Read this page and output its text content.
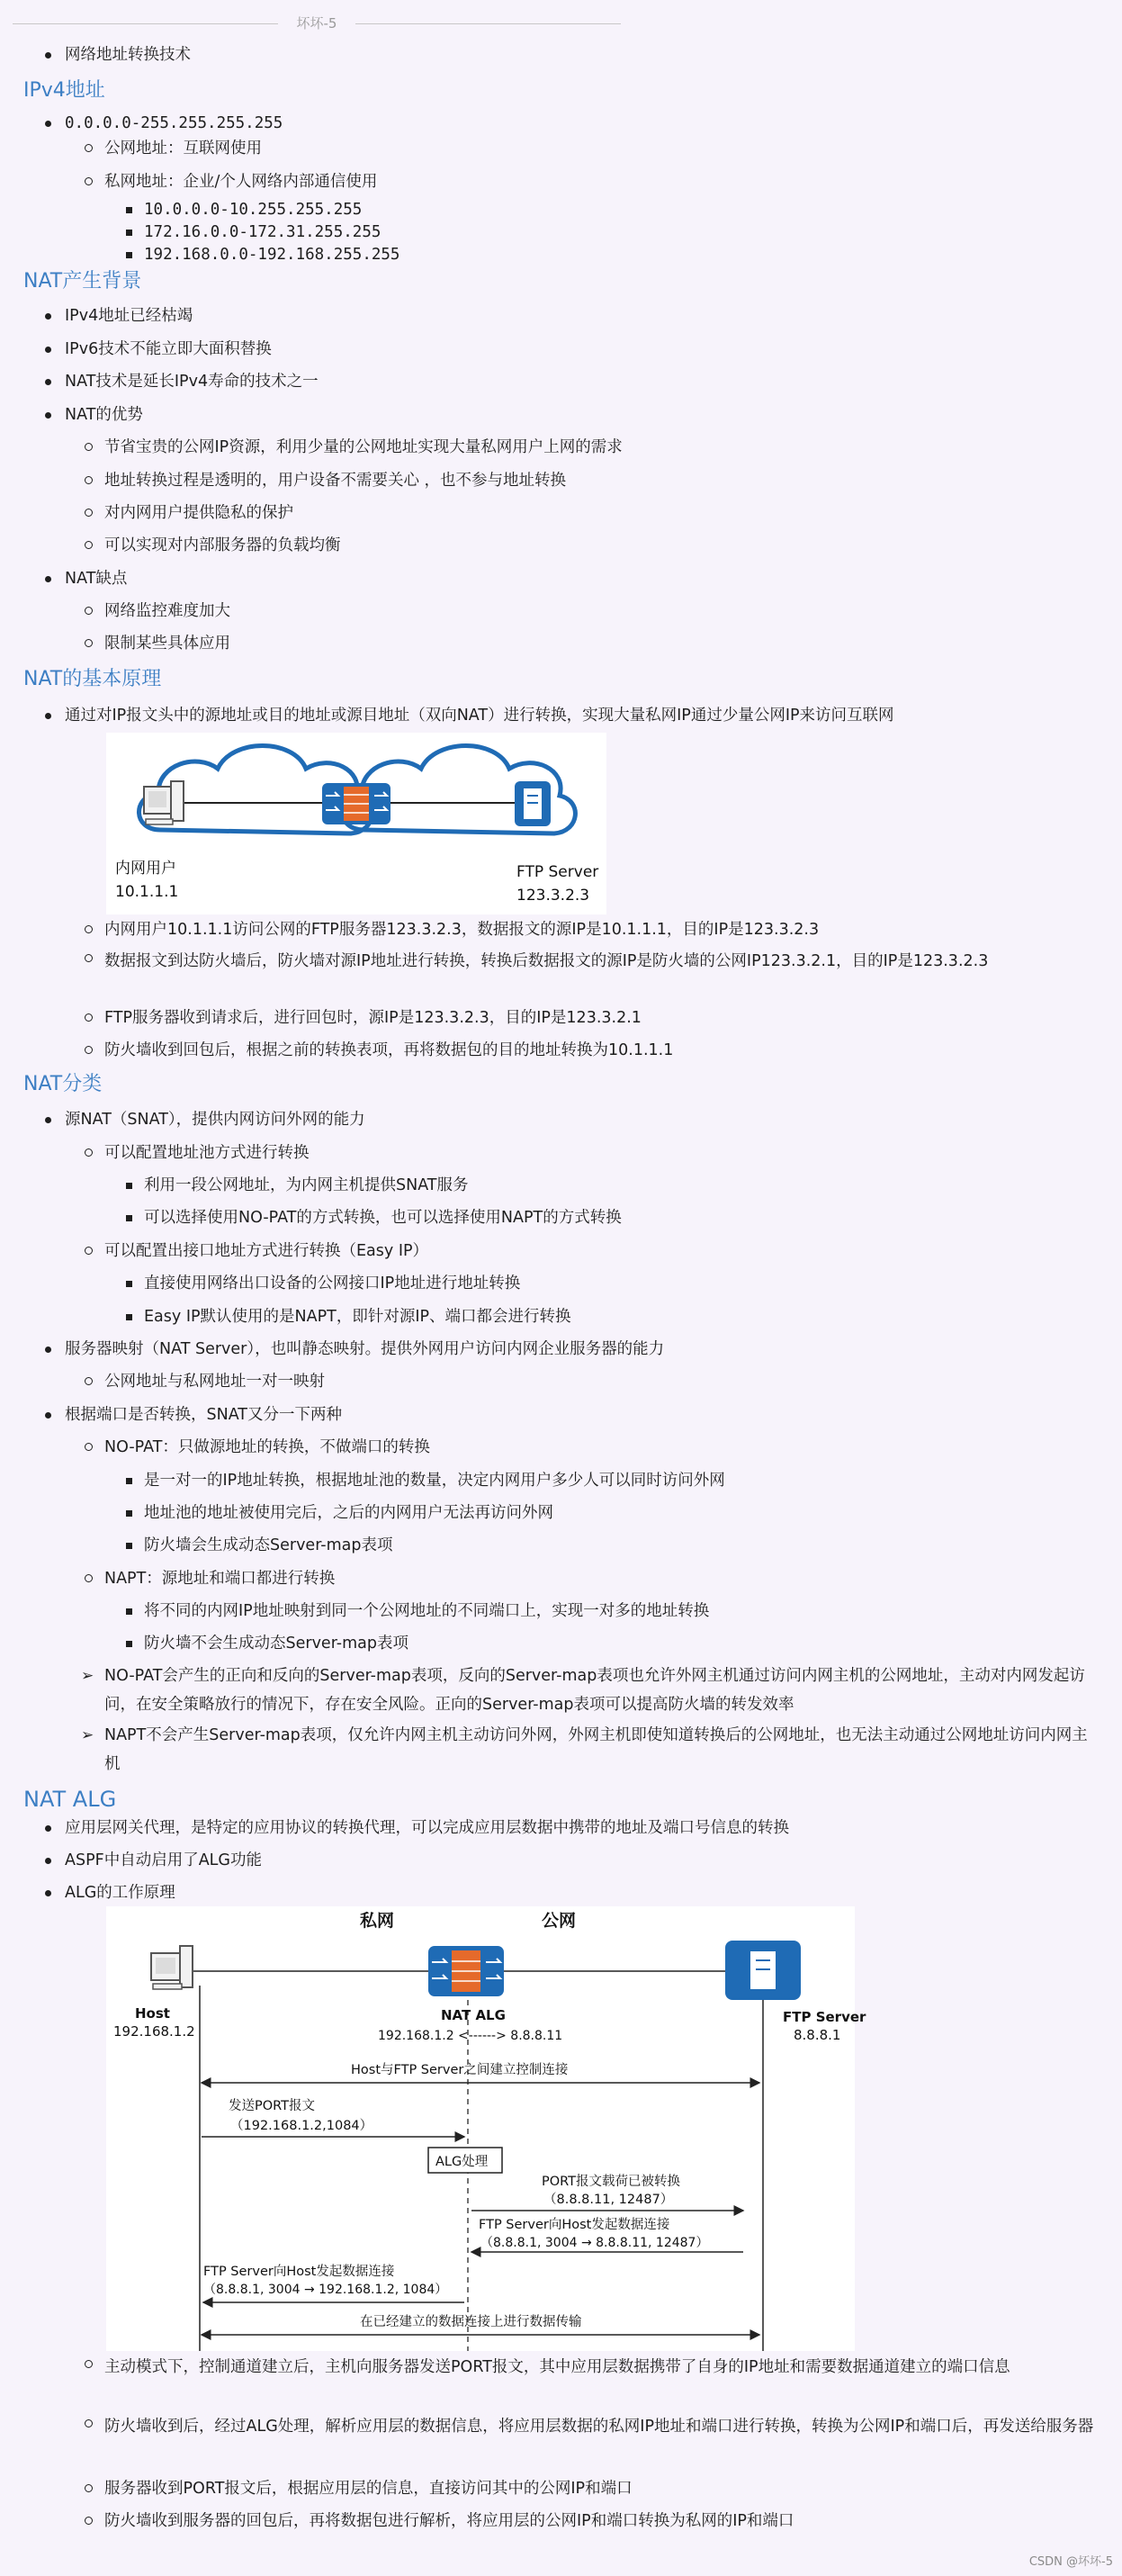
坏坏-5

网络地址转换技术

IPv4地址

0.0.0.0-255.255.255.255

公网地址：互联网使用

私网地址：企业/个人网络内部通信使用

10.0.0.0-10.255.255.255

172.16.0.0-172.31.255.255

192.168.0.0-192.168.255.255

NAT产生背景

IPv4地址已经枯竭

IPv6技术不能立即大面积替换

NAT技术是延长IPv4寿命的技术之一

NAT的优势

节省宝贵的公网IP资源，利用少量的公网地址实现大量私网用户上网的需求

地址转换过程是透明的，用户设备不需要关心 ，也不参与地址转换

对内网用户提供隐私的保护

可以实现对内部服务器的负载均衡

NAT缺点

网络监控难度加大

限制某些具体应用

NAT的基本原理

通过对IP报文头中的源地址或目的地址或源目地址（双向NAT）进行转换，实现大量私网IP通过少量公网IP来访问互联网

内网用户
10.1.1.1
FTP Server
123.3.2.3

内网用户10.1.1.1访问公网的FTP服务器123.3.2.3，数据报文的源IP是10.1.1.1，目的IP是123.3.2.3

数据报文到达防火墙后，防火墙对源IP地址进行转换，转换后数据报文的源IP是防火墙的公网IP123.3.2.1，目的IP是123.3.2.3

FTP服务器收到请求后，进行回包时，源IP是123.3.2.3，目的IP是123.3.2.1

防火墙收到回包后，根据之前的转换表项，再将数据包的目的地址转换为10.1.1.1

NAT分类

源NAT（SNAT），提供内网访问外网的能力

可以配置地址池方式进行转换

利用一段公网地址，为内网主机提供SNAT服务

可以选择使用NO-PAT的方式转换，也可以选择使用NAPT的方式转换

可以配置出接口地址方式进行转换（Easy IP）

直接使用网络出口设备的公网接口IP地址进行地址转换

Easy IP默认使用的是NAPT，即针对源IP、端口都会进行转换

服务器映射（NAT Server），也叫静态映射。提供外网用户访问内网企业服务器的能力

公网地址与私网地址一对一映射

根据端口是否转换，SNAT又分一下两种

NO-PAT：只做源地址的转换，不做端口的转换

是一对一的IP地址转换，根据地址池的数量，决定内网用户多少人可以同时访问外网

地址池的地址被使用完后，之后的内网用户无法再访问外网

防火墙会生成动态Server-map表项

NAPT：源地址和端口都进行转换

将不同的内网IP地址映射到同一个公网地址的不同端口上，实现一对多的地址转换

防火墙不会生成动态Server-map表项

➢ NO-PAT会产生的正向和反向的Server-map表项，反向的Server-map表项也允许外网主机通过访问内网主机的公网地址，主动对内网发起访问，在安全策略放行的情况下，存在安全风险。正向的Server-map表项可以提高防火墙的转发效率

➢ NAPT不会产生Server-map表项，仅允许内网主机主动访问外网，外网主机即使知道转换后的公网地址，也无法主动通过公网地址访问内网主机

NAT ALG

应用层网关代理，是特定的应用协议的转换代理，可以完成应用层数据中携带的地址及端口号信息的转换

ASPF中自动启用了ALG功能

ALG的工作原理

私网	公网
Host
192.168.1.2
NAT ALG
192.168.1.2 <------> 8.8.8.11
FTP Server
8.8.8.1
Host与FTP Server之间建立控制连接
发送PORT报文
（192.168.1.2,1084）
ALG处理
PORT报文载荷已被转换
（8.8.8.11, 12487）
FTP Server向Host发起数据连接
（8.8.8.1, 3004 → 8.8.8.11, 12487）
FTP Server向Host发起数据连接
（8.8.8.1, 3004 → 192.168.1.2, 1084）
在已经建立的数据连接上进行数据传输

主动模式下，控制通道建立后，主机向服务器发送PORT报文，其中应用层数据携带了自身的IP地址和需要数据通道建立的端口信息

防火墙收到后，经过ALG处理，解析应用层的数据信息，将应用层数据的私网IP地址和端口进行转换，转换为公网IP和端口后，再发送给服务器

服务器收到PORT报文后，根据应用层的信息，直接访问其中的公网IP和端口

防火墙收到服务器的回包后，再将数据包进行解析，将应用层的公网IP和端口转换为私网的IP和端口

CSDN @坏坏-5
